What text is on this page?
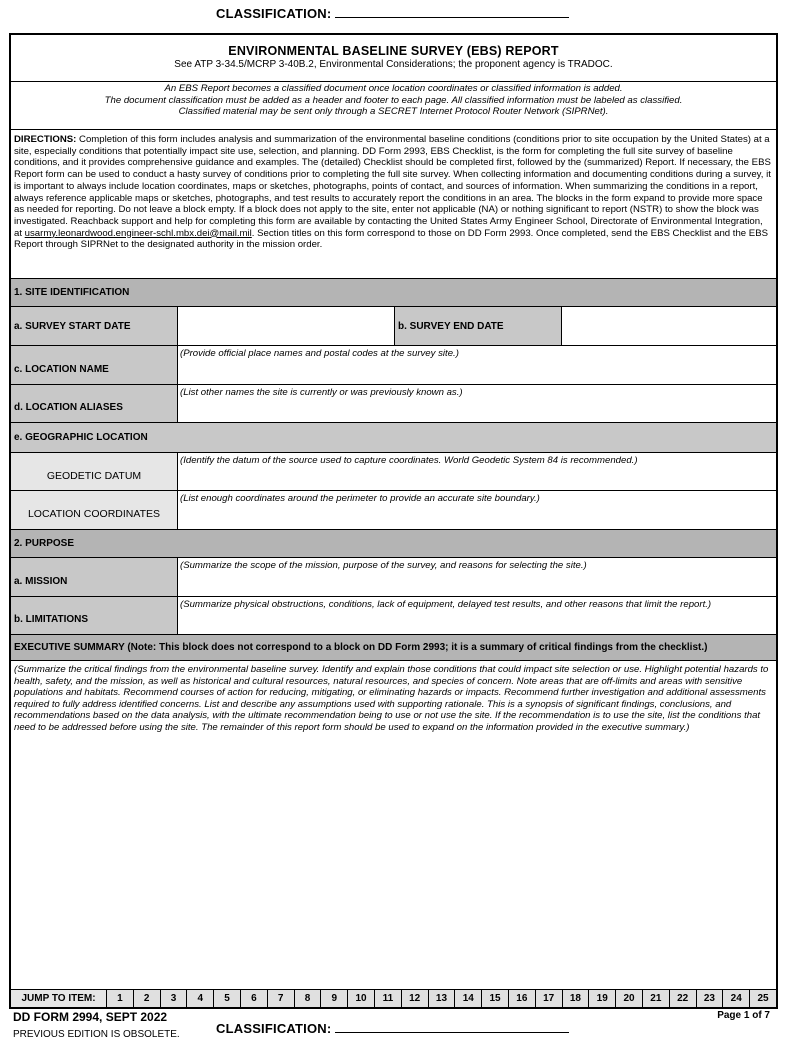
CLASSIFICATION:
ENVIRONMENTAL BASELINE SURVEY (EBS) REPORT
See ATP 3-34.5/MCRP 3-40B.2, Environmental Considerations; the proponent agency is TRADOC.
An EBS Report becomes a classified document once location coordinates or classified information is added.
The document classification must be added as a header and footer to each page. All classified information must be labeled as classified.
Classified material may be sent only through a SECRET Internet Protocol Router Network (SIPRNet).
DIRECTIONS: Completion of this form includes analysis and summarization of the environmental baseline conditions (conditions prior to site occupation by the United States) at a site, especially conditions that potentially impact site use, selection, and planning. DD Form 2993, EBS Checklist, is the form for completing the full site survey of baseline conditions, and it provides comprehensive guidance and examples. The (detailed) Checklist should be completed first, followed by the (summarized) Report. If necessary, the EBS Report form can be used to conduct a hasty survey of conditions prior to completing the full site survey. When collecting information and documenting conditions during a survey, it is important to always include location coordinates, maps or sketches, photographs, points of contact, and sources of information. When summarizing the conditions in a report, always reference applicable maps or sketches, photographs, and test results to accurately report the conditions in an area. The blocks in the form expand to provide more space as needed for reporting. Do not leave a block empty. If a block does not apply to the site, enter not applicable (NA) or nothing significant to report (NSTR) to show the block was investigated. Reachback support and help for completing this form are available by contacting the United States Army Engineer School, Directorate of Environmental Integration, at usarmy.leonardwood.engineer-schl.mbx.dei@mail.mil. Section titles on this form correspond to those on DD Form 2993. Once completed, send the EBS Checklist and the EBS Report through SIPRNet to the designated authority in the mission order.
1. SITE IDENTIFICATION
a. SURVEY START DATE	b. SURVEY END DATE
c. LOCATION NAME
(Provide official place names and postal codes at the survey site.)
d. LOCATION ALIASES
(List other names the site is currently or was previously known as.)
e. GEOGRAPHIC LOCATION
GEODETIC DATUM
(Identify the datum of the source used to capture coordinates. World Geodetic System 84 is recommended.)
LOCATION COORDINATES
(List enough coordinates around the perimeter to provide an accurate site boundary.)
2. PURPOSE
a. MISSION
(Summarize the scope of the mission, purpose of the survey, and reasons for selecting the site.)
b. LIMITATIONS
(Summarize physical obstructions, conditions, lack of equipment, delayed test results, and other reasons that limit the report.)
EXECUTIVE SUMMARY (Note: This block does not correspond to a block on DD Form 2993; it is a summary of critical findings from the checklist.)
(Summarize the critical findings from the environmental baseline survey. Identify and explain those conditions that could impact site selection or use. Highlight potential hazards to health, safety, and the mission, as well as historical and cultural resources, natural resources, and species of concern. Note areas that are off-limits and areas with sensitive populations and habitats. Recommend courses of action for reducing, mitigating, or eliminating hazards or impacts. Recommend further investigation and additional assessments required to fully address identified concerns. List and describe any assumptions used with supporting rationale. This is a synopsis of significant findings, conclusions, and recommendations based on the data analysis, with the ultimate recommendation being to use or not use the site. If the recommendation is to use the site, list the conditions that need to be addressed before using the site. The remainder of this report form should be used to expand on the information provided in the executive summary.)
JUMP TO ITEM:	1	2	3	4	5	6	7	8	9	10	11	12	13	14	15	16	17	18	19	20	21	22	23	24	25
DD FORM 2994, SEPT 2022
PREVIOUS EDITION IS OBSOLETE.
Page 1 of 7
CLASSIFICATION:
